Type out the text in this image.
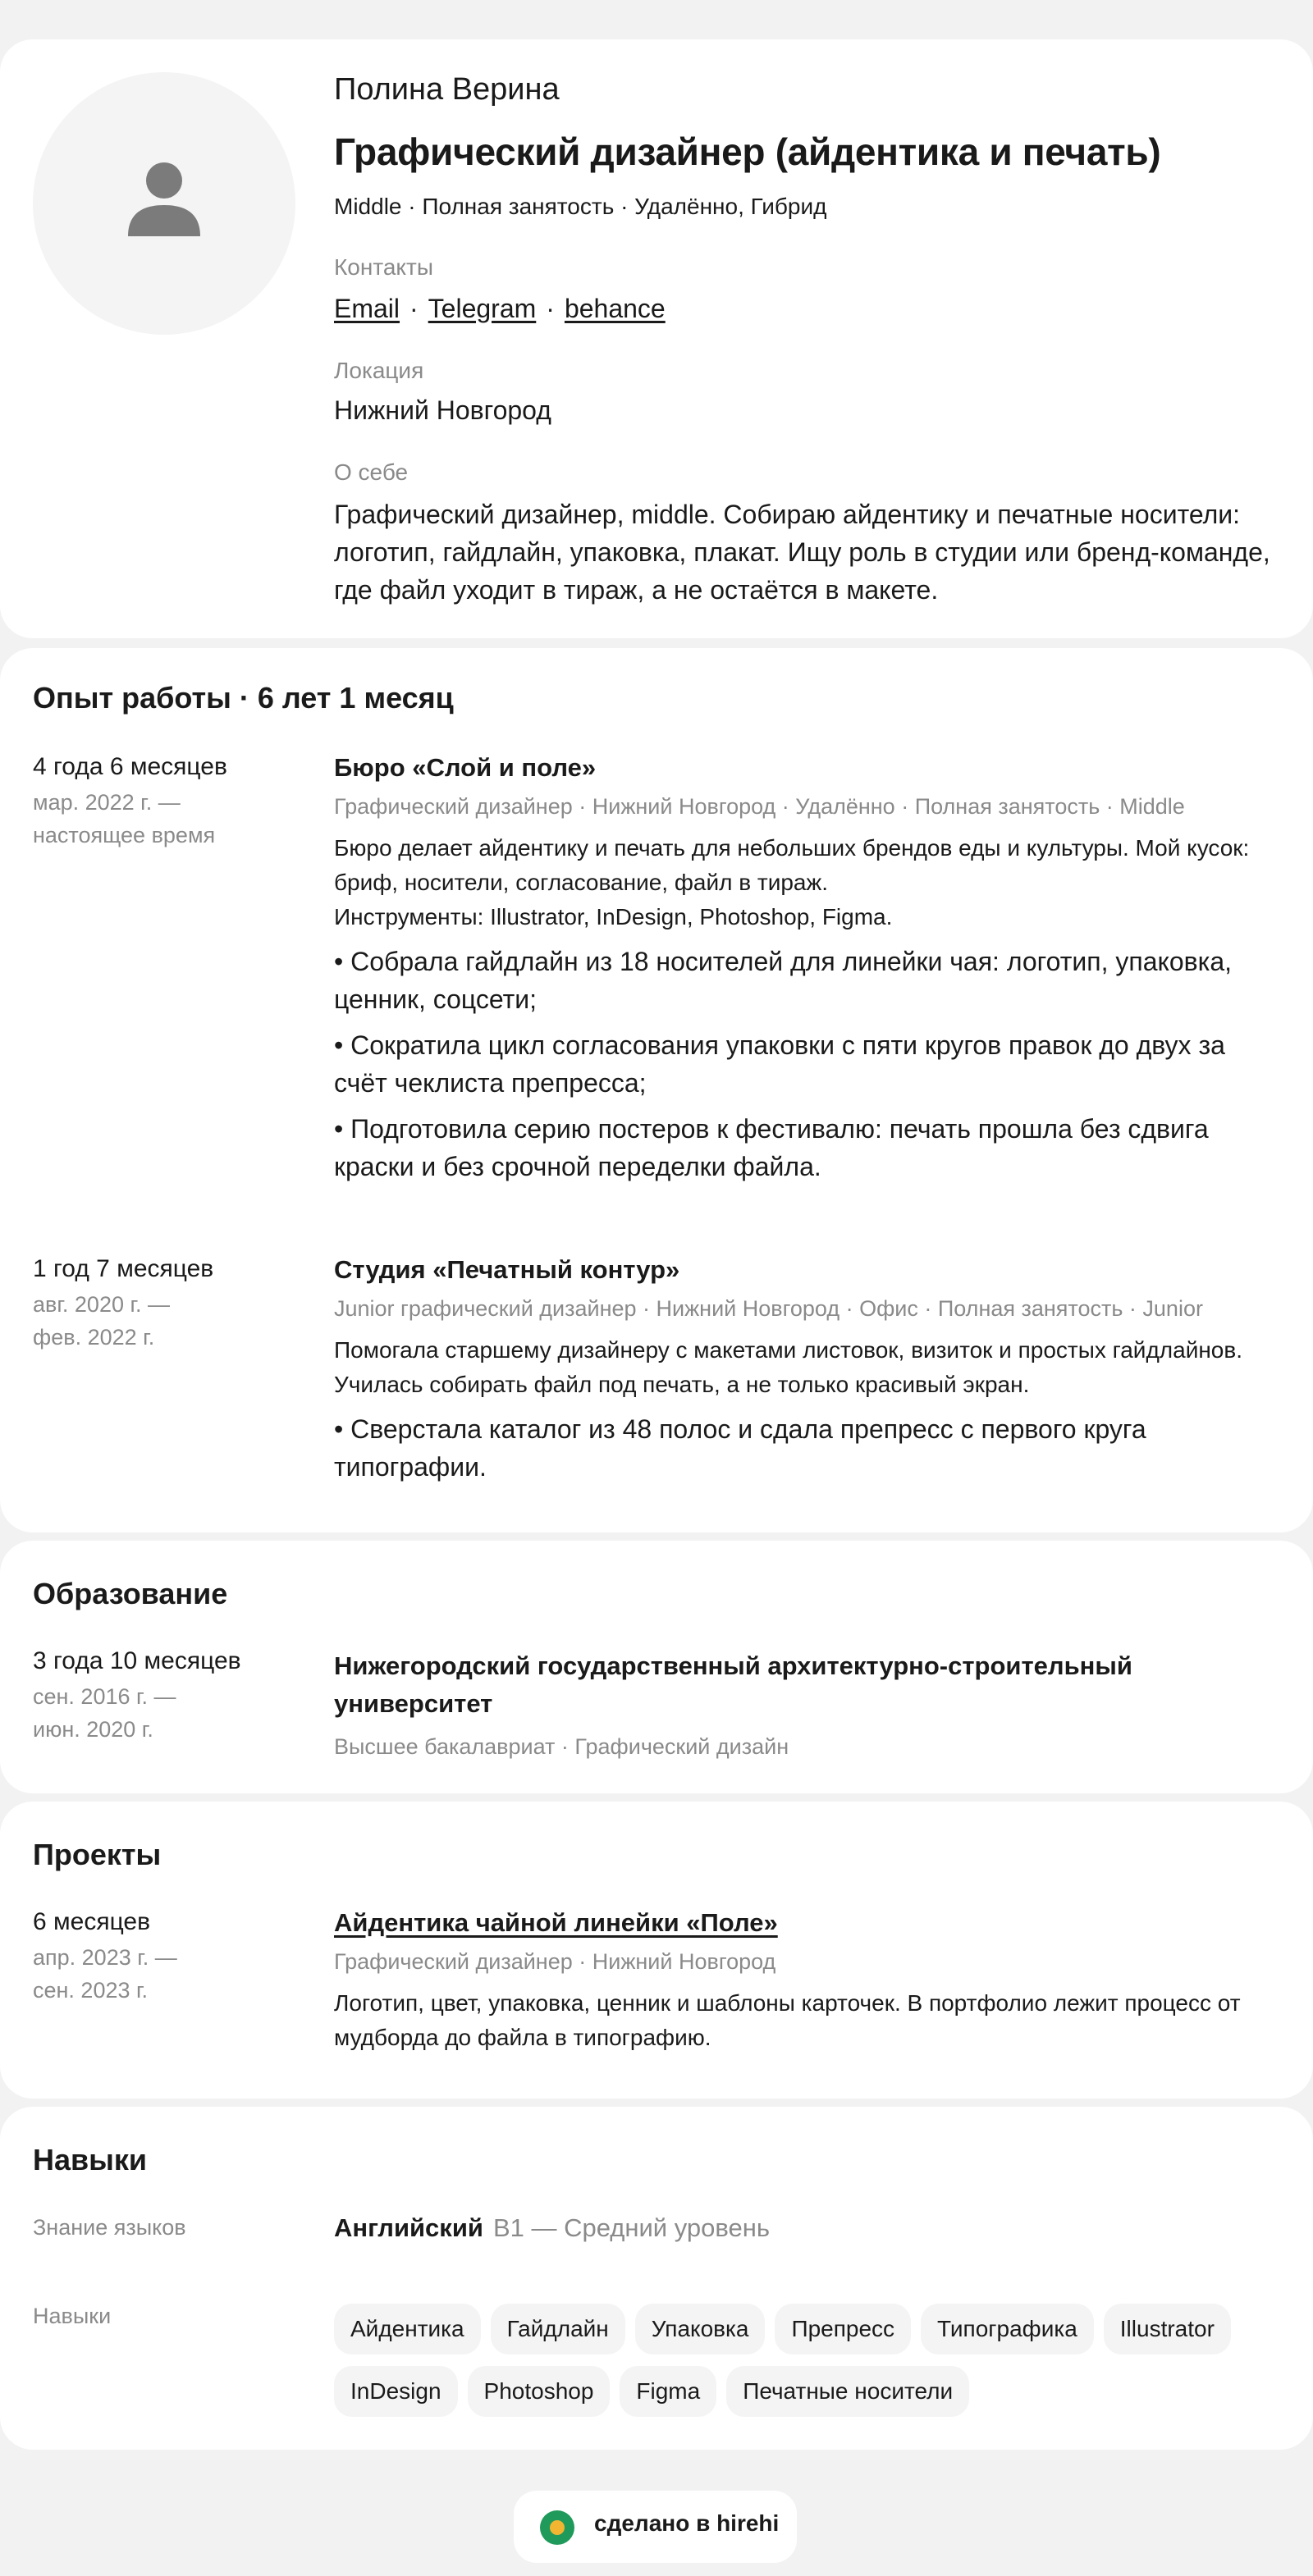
Полина Верина
Графический дизайнер (айдентика и печать)
Middle · Полная занятость · Удалённо, Гибрид
Контакты
Email · Telegram · behance
Локация
Нижний Новгород
О себе
Графический дизайнер, middle. Собираю айдентику и печатные носители: логотип, гайдлайн, упаковка, плакат. Ищу роль в студии или бренд-команде, где файл уходит в тираж, а не остаётся в макете.
Опыт работы · 6 лет 1 месяц
4 года 6 месяцев
мар. 2022 г. —
настоящее время
Бюро «Слой и поле»
Графический дизайнер · Нижний Новгород · Удалённо · Полная занятость · Middle
Бюро делает айдентику и печать для небольших брендов еды и культуры. Мой кусок: бриф, носители, согласование, файл в тираж.
Инструменты: Illustrator, InDesign, Photoshop, Figma.
• Собрала гайдлайн из 18 носителей для линейки чая: логотип, упаковка, ценник, соцсети;
• Сократила цикл согласования упаковки с пяти кругов правок до двух за счёт чеклиста препресса;
• Подготовила серию постеров к фестивалю: печать прошла без сдвига краски и без срочной переделки файла.
1 год 7 месяцев
авг. 2020 г. —
фев. 2022 г.
Студия «Печатный контур»
Junior графический дизайнер · Нижний Новгород · Офис · Полная занятость · Junior
Помогала старшему дизайнеру с макетами листовок, визиток и простых гайдлайнов. Училась собирать файл под печать, а не только красивый экран.
• Сверстала каталог из 48 полос и сдала препресс с первого круга типографии.
Образование
3 года 10 месяцев
сен. 2016 г. —
июн. 2020 г.
Нижегородский государственный архитектурно-строительный университет
Высшее бакалавриат · Графический дизайн
Проекты
6 месяцев
апр. 2023 г. —
сен. 2023 г.
Айдентика чайной линейки «Поле»
Графический дизайнер · Нижний Новгород
Логотип, цвет, упаковка, ценник и шаблоны карточек. В портфолио лежит процесс от мудборда до файла в типографию.
Навыки
Знание языков	Английский B1 — Средний уровень
Навыки	Айдентика Гайдлайн Упаковка Препресс Типографика IllustratorInDesign Photoshop Figma Печатные носители
сделано в hirehi
